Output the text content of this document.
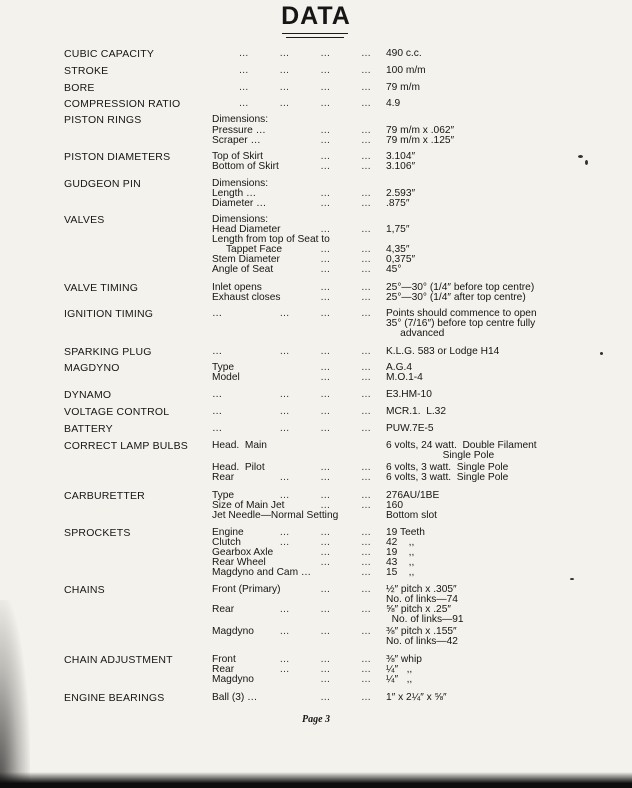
DATA
CUBIC CAPACITY	… … … … 490 c.c.
STROKE	… … … … 100 m/m
BORE	… … … … 79 m/m
COMPRESSION RATIO	… … … … 4.9
PISTON RINGS	Dimensions:
Pressure …	… … 79 m/m x .062″
Scraper …	… … 79 m/m x .125″
PISTON DIAMETERS	Top of Skirt	… … 3.104″
Bottom of Skirt	… … 3.106″
GUDGEON PIN	Dimensions:
Length …	… … 2.593″
Diameter …	… … .875″
VALVES	Dimensions:
Head Diameter	… … 1,75″
Length from top of Seat to
Tappet Face	… … 4,35″
Stem Diameter	… … 0,375″
Angle of Seat	… … 45°
VALVE TIMING	Inlet opens	… … 25°—30° (1/4″ before top centre)
Exhaust closes	… … 25°—30° (1/4″ after top centre)
IGNITION TIMING	…	… … … Points should commence to open
35° (7/16″) before top centre fully
advanced
SPARKING PLUG	…	… … … K.L.G. 583 or Lodge H14
MAGDYNO	Type	… … A.G.4
Model	… … M.O.1-4
DYNAMO	…	… … … E3.HM-10
VOLTAGE CONTROL	…	… … … MCR.1.  L.32
BATTERY	…	… … … PUW.7E-5
CORRECT LAMP BULBS Head.  Main	6 volts, 24 watt.  Double Filament
Single Pole
Head.  Pilot	… … 6 volts, 3 watt.  Single Pole
Rear	… … … 6 volts, 3 watt.  Single Pole
CARBURETTER	Type	… … … 276AU/1BE
Size of Main Jet	… … 160
Jet Needle—Normal Setting	Bottom slot
SPROCKETS	Engine	… … … 19 Teeth
Clutch	… … … 42    ,,
Gearbox Axle	… … 19    ,,
Rear Wheel	… … 43    ,,
Magdyno and Cam …	… 15    ,,
CHAINS	Front (Primary)	… … ½″ pitch x .305″
No. of links—74
Rear	… … … ⅝″ pitch x .25″
No. of links—91
Magdyno	… … … ⅜″ pitch x .155″
No. of links—42
CHAIN ADJUSTMENT	Front	… … … ⅜″ whip
Rear	… … … ¼″   ,,
Magdyno	… … ¼″   ,,
ENGINE BEARINGS	Ball (3) …	… … 1″ x 2¼″ x ⅝″
Page 3
